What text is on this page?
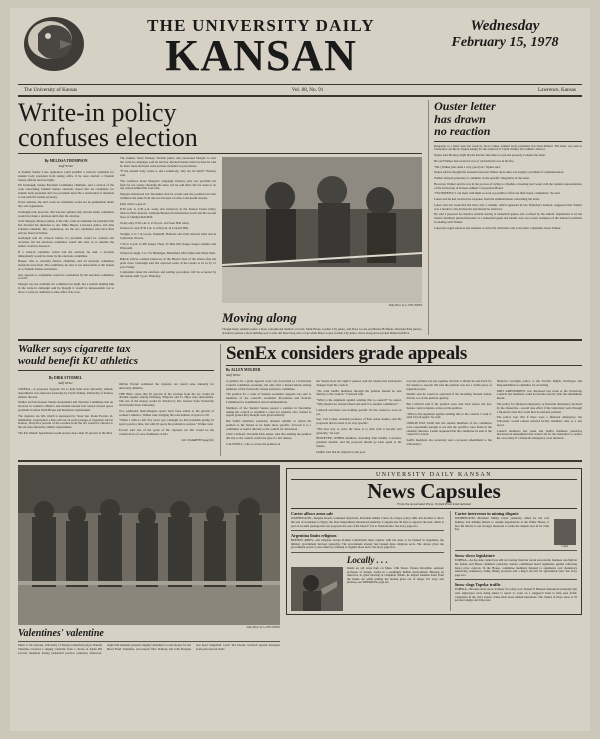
THE UNIVERSITY DAILY
KANSAN
Wednesday
February 15, 1978
The University of Kansas	Vol. 88, No. 91	Lawrence, Kansas
Write-in policy
confuses election
By MELISSA THOMPSON
Staff Writer

A Student Senate Code regulation could prohibit a write-in candidate for student body president from taking office if he were elected, a Student Senate official said last night.

Jill Grubaugh, Senate Elections Committee chairman, said a section of the code concerning Student Senate elections stated that all candidates for student body president and vice president must file a declaration of intention to run with the Senate secretary.

In her opinion, she said, write-in candidates would not be permissible under the code regulations.

Grubaugh said, however, that was her opinion only and the entire committee would not make a decision until after the election.

Scott Morgan, Monroe junior, is the only write-in candidate for president that has declared his intention to run. Mike Harper, Lawrence junior, and Jane Calanni, Glendale, Mo., sophomore, are the two candidates who have filed and are listed on ballots.

Grubaugh said all write-in ballots for president would be counted and recorded, but the elections committee would rule later as to whether the ballots would be honored.

If a write-in candidate would win the election, he said, a decision immediately would be made by the elections committee.

Harper, who is currently finance chairman, and all elections committee decisions were final. The committee, he said, is not answerable to the Senate or to Student Senate executives.

Any appeals or complaints would be considered by the elections committee as well.

Morgan was not available for comment last night, but a student helping him in the write-in campaign said he thought it would be unreasonable not to allow a write-in candidate to take office if he won.

The student, Steve Paulsey, Wichita junior who persuaded Morgan to start the write-in campaign, said he had not checked Senate rules because he said he knew there had been write-in lines included on past ballots.

"If the student body wants to elect somebody, why not let them?" Paulsey said.

The confusion about Morgan's campaign, Paulsey said, was probably his fault for not clearly checking the rules, but he said there did not seem to be any reason behind the code rule.

Morgan announced last November that he would seek the position but later withdrew his name from the race because of school and health reasons.

Polls will be open at:

8:30 a.m. to 4:30 p.m. today and tomorrow in the Kansas Union lobby, Wescoe Hall cafeteria, Jayhawk Boulevard information booth and the second floor of Summerfield Hall.

Today only, 8:30 a.m. to 4:30 p.m., in Fraser Hall lobby.

Tomorrow only, 8:30 a.m. to 4:30 p.m. in Learned Hall.

Tonight, 4 to 7 in Lewis, Naismith, Ballards and GSP cafeteria halls and in Jayhawker Towers.

7:30 to 9 p.m. in Phi Kappa Theta, Pi Beta Phi, Kappa Kappa Gamma and Ellsworth.

Tomorrow night, 5 to 7 in Hashinger, Battenfeld, McCollum and Oliver halls.

Ballots will be counted tomorrow in the Hawk's Nest of the Union after the polls close. Grubaugh said she expected some of the results to be in by 11 p.m. Friday.

Complaints about the elections and polling procedures will be accepted by the Senate until 5 p.m. Thursday.

Daily Photo by G. WES JONES
Moving along
Though many students prefer a more conventional method of travel, Mark Bruns, Garden City junior, and Dave Goode and Bernie Hoffman, Overland Park juniors, decided to pursue a more thrilling way to ride. All three hang onto a rope while Bruce Loper, Garden City junior, drove along snow-packed Memorial Drive.
Ouster letter
has drawn
no reaction

Response to a letter sent last week by Steve Lakes, student body president, has been limited. The letter was sent to Chancellor Archie R. Dykes asking for the removal of Clyde Walker, KU athletic director.

Dykes said Monday night that he had not had time to read and properly evaluate the letter.

He said Walker had received a lot of criticism but was in his file.

"Mr. (Walker) has done a very good job," Dykes said.

Dykes said he thought the situation between Walker and Lakes was largely a problem of communication.

Walker refused yesterday to comment on the specific allegations of the letter.

However, Walker said he was in the process of trying to schedule a meeting next week with the student representatives of the University of Kansas Athletic Corporation Board.

"I'M HOPEFUL I can meet with them as soon as possible to find out their major complaints," he said.

Lakes said he had received no response from the administration concerning the letter.

Lakes said last week that the letter and a column, which appeared in last Thursday's Kansan, suggested that Walker was a burden to the University and should be removed.

He said a proposal for massive student seating at basketball games and a refusal by the athletic department to let the Senate distribute printed literature at a basketball game last month were two recent examples of the Senate's problems in dealing with Walker.

Lakes has urged senators and students to write the chancellor and voice their complaints about Walker.

Walker says cigarette tax
would benefit KU athletics
By DIRK STURMEL
Staff Writer

TOPEKA—A proposed cigarette tax to help fund state university athletic departments was endorsed yesterday by Clyde Walker, University of Kansas athletic director.

Walker told the Kansas Senate Assessment and Taxation Committee that an increase in women's athletics and student interest had caused serious space problems in Allen Field House and Robinson Gymnasium.

The cigarette tax bill, which is sponsored by State Sen. Donn Everett, R-Manhattan, would place a five-cent tax on each package of cigarettes sold in Kansas. Sixty-five percent of the revenue from the tax would be allotted to the six state university athletic departments.

The KU athletic department would receive more than 35 percent of the $6.4

million Everett estimated the cigarette tax would raise annually for university athletics.

THE BILL states that 65 percent of the revenue from the tax would be divided equally among Pittsburg, Emporia and Ft. Hays state universities. The rest of the money would be divided by KU, Kansas State University and Wichita State University.

Two additional intercollegiate sports have been added to the growth of women's athletics, Walker said, bringing the total number of sports to 20.

"When I came to KU five years ago I thought we had problems giving 10 sports practice time, but with 20 sports the problem is serious," Walker said.

Everett said one of the goals of his cigarette tax bill would be the construction of a new fieldhouse at KU.

See CIGARETTE page five
SenEx considers grade appeals
By ALLEN MOLDER
Staff Writer

A petition for a grade appeals court was forwarded to a University Council committee yesterday, but only after a heated debate among members of the University Senate executive committee.

The petition for a court of Student Academic Appeals was sent to members of the council's Academic Procedures and Policies Committee for examination and recommendation.

Members of the Student Senate passed a petition in December asking the council to establish a court for students who wanted to appeal grades they thought were given unfairly.

But SenEx members yesterday debated whether to return the petition to the Senate to be made more specific, forward it to a committee or send it directly to the council for discussion.

Chris Caldwell, Overland Park senior, said that sending the petition directly to the council would not give it a fair chance.

CALDWELL, who co-wrote the petition on

the Senate floor the night it passed, said the Senate had anticipated changes from the council.

"We want SenEx members through the petition should be sent directly to the council," Caldwell said.

"What is the argument against sending this to council?" he asked. "Why should we obstruct them and send it to another committee?"

Caldwell said there was nothing specific for the council to vote on yet.

Sen. Carl Cohan, assistant professor of East Asian studies, said the proposals did not need to be very specific.

"The best way to solve the issue is to deal with it broadly and generally," he said.

HOWEVER, OTHER members, including Sam Danfirt, Lawrence graduate student, said the proposal should go back again to the Senate.

Danfirt said that he objected to the poor

way the petition was put together and that it should be sent back for the Senate to rework. He said the petition was not a viable piece of legislation now.

Danfirt said he would be surprised if the incoming Student Senate did not act on the petition quickly.

But Caldwell said if the petition were sent back before the new Senate could complete action on the petition.

"What is the argument against sending this to the council, I want to send it back again," he said.

LERKIN HAS SAID that the student members of the committee were responsible enough to see that the specifics were made in the students' interests. Lerkin requested that the committee be sent to the council for action.

SenEx members also yesterday sent a proposal amendment to the University's

financial oversight policy to the Faculty Rights, Privileges and Responsibilities Committee for recording.

SMIT AMENDMENT was discussed last week at the University Council, but members could not decide exactly what the amendment meant.

The policy for financial emergency or financial emergency declared by the chancellor—would take effect if the University went through a financial crisis that could hurt its national position.

The policy says that if there were a financial emergency, the University would release tenured faculty members only as a last resort.

Council members last week and SenEx members yesterday discussed an amendment that would call for the chancellor to reduce his own salary if a financial emergency were declared.

Daily Photo by G. WES JONES
Valentines' valentine
Much to his surprise, University of Kansas basketball player Darnell Valentine received a singing valentine from a chorus of Alpha Phi sorority members during basketball practice yesterday afternoon. Alpha Phi annually presents singing valentines to raise money for the Heart Fund. Valentine, and players Mac Stallcup and John Douglas and head basketball coach Ted Owens received special messages from personal fan clubs.
UNIVERSITY DAILY KANSAN
News Capsules
From the Associated Press, United Press International
Carter allows arms sale
WASHINGTON—Despite Israel's continued objections, President Jimmy Carter, in a major policy shift, has decided to allow the sale of warplanes to Egypt, the State Department announced yesterday. Congress has 30 days to approve the sale, which is part of an arms package that also proposes the sale of the latest F-15s to Saudi Arabia. See story page two.
Argentina limits religions
BUENOS AIRES—All religions except Roman Catholicism must register with the state or be banned in Argentina, the military government decreed yesterday. The government already has banned three religious sects. The decree gives the government power to ban others by refusing to register those sects. See story page five.
Locally . . .
Inside an old stone barn on Mass. 13th Street, Vernon Kivelyhn, assistant professor of design, works in a seemingly hellish environment. Burying an instructor in glass blowing at Chapman Studio, he helped students learn from the inside out while pulling the molten glass out of shape. For story and pictures, see WEEKDAY, page six.
Carter intervenes in mining dispute
WASHINGTON—President Jimmy Carter yesterday called for the coal industry and striking miners to resume negotiations at the White House or face his threats to use stronger measures to settle the dispute now in its 72nd day.
Carter
Snow slows legislature
TOPEKA—As the state capital was still recovering from the recent snowstorm, business was light in the Senate and House chambers yesterday. Senate committees heard arguments against removing liquor price controls. In the House, committee members listened to arguments over mandatory sentencing ordinances, utility billing practices and a major tax bill for agricultural land. See story page two.
Snow clogs Topeka traffic
TOPEKA—Because more snow is likely for today, Gov. Robert F. Bennett announced yesterday that state employees were being asked to report to work on a staggered basis to help ease traffic congestion in the city's streets. Some slick areas remain hazardous. The chance of more snow is 70 percent tonight and tomorrow.
